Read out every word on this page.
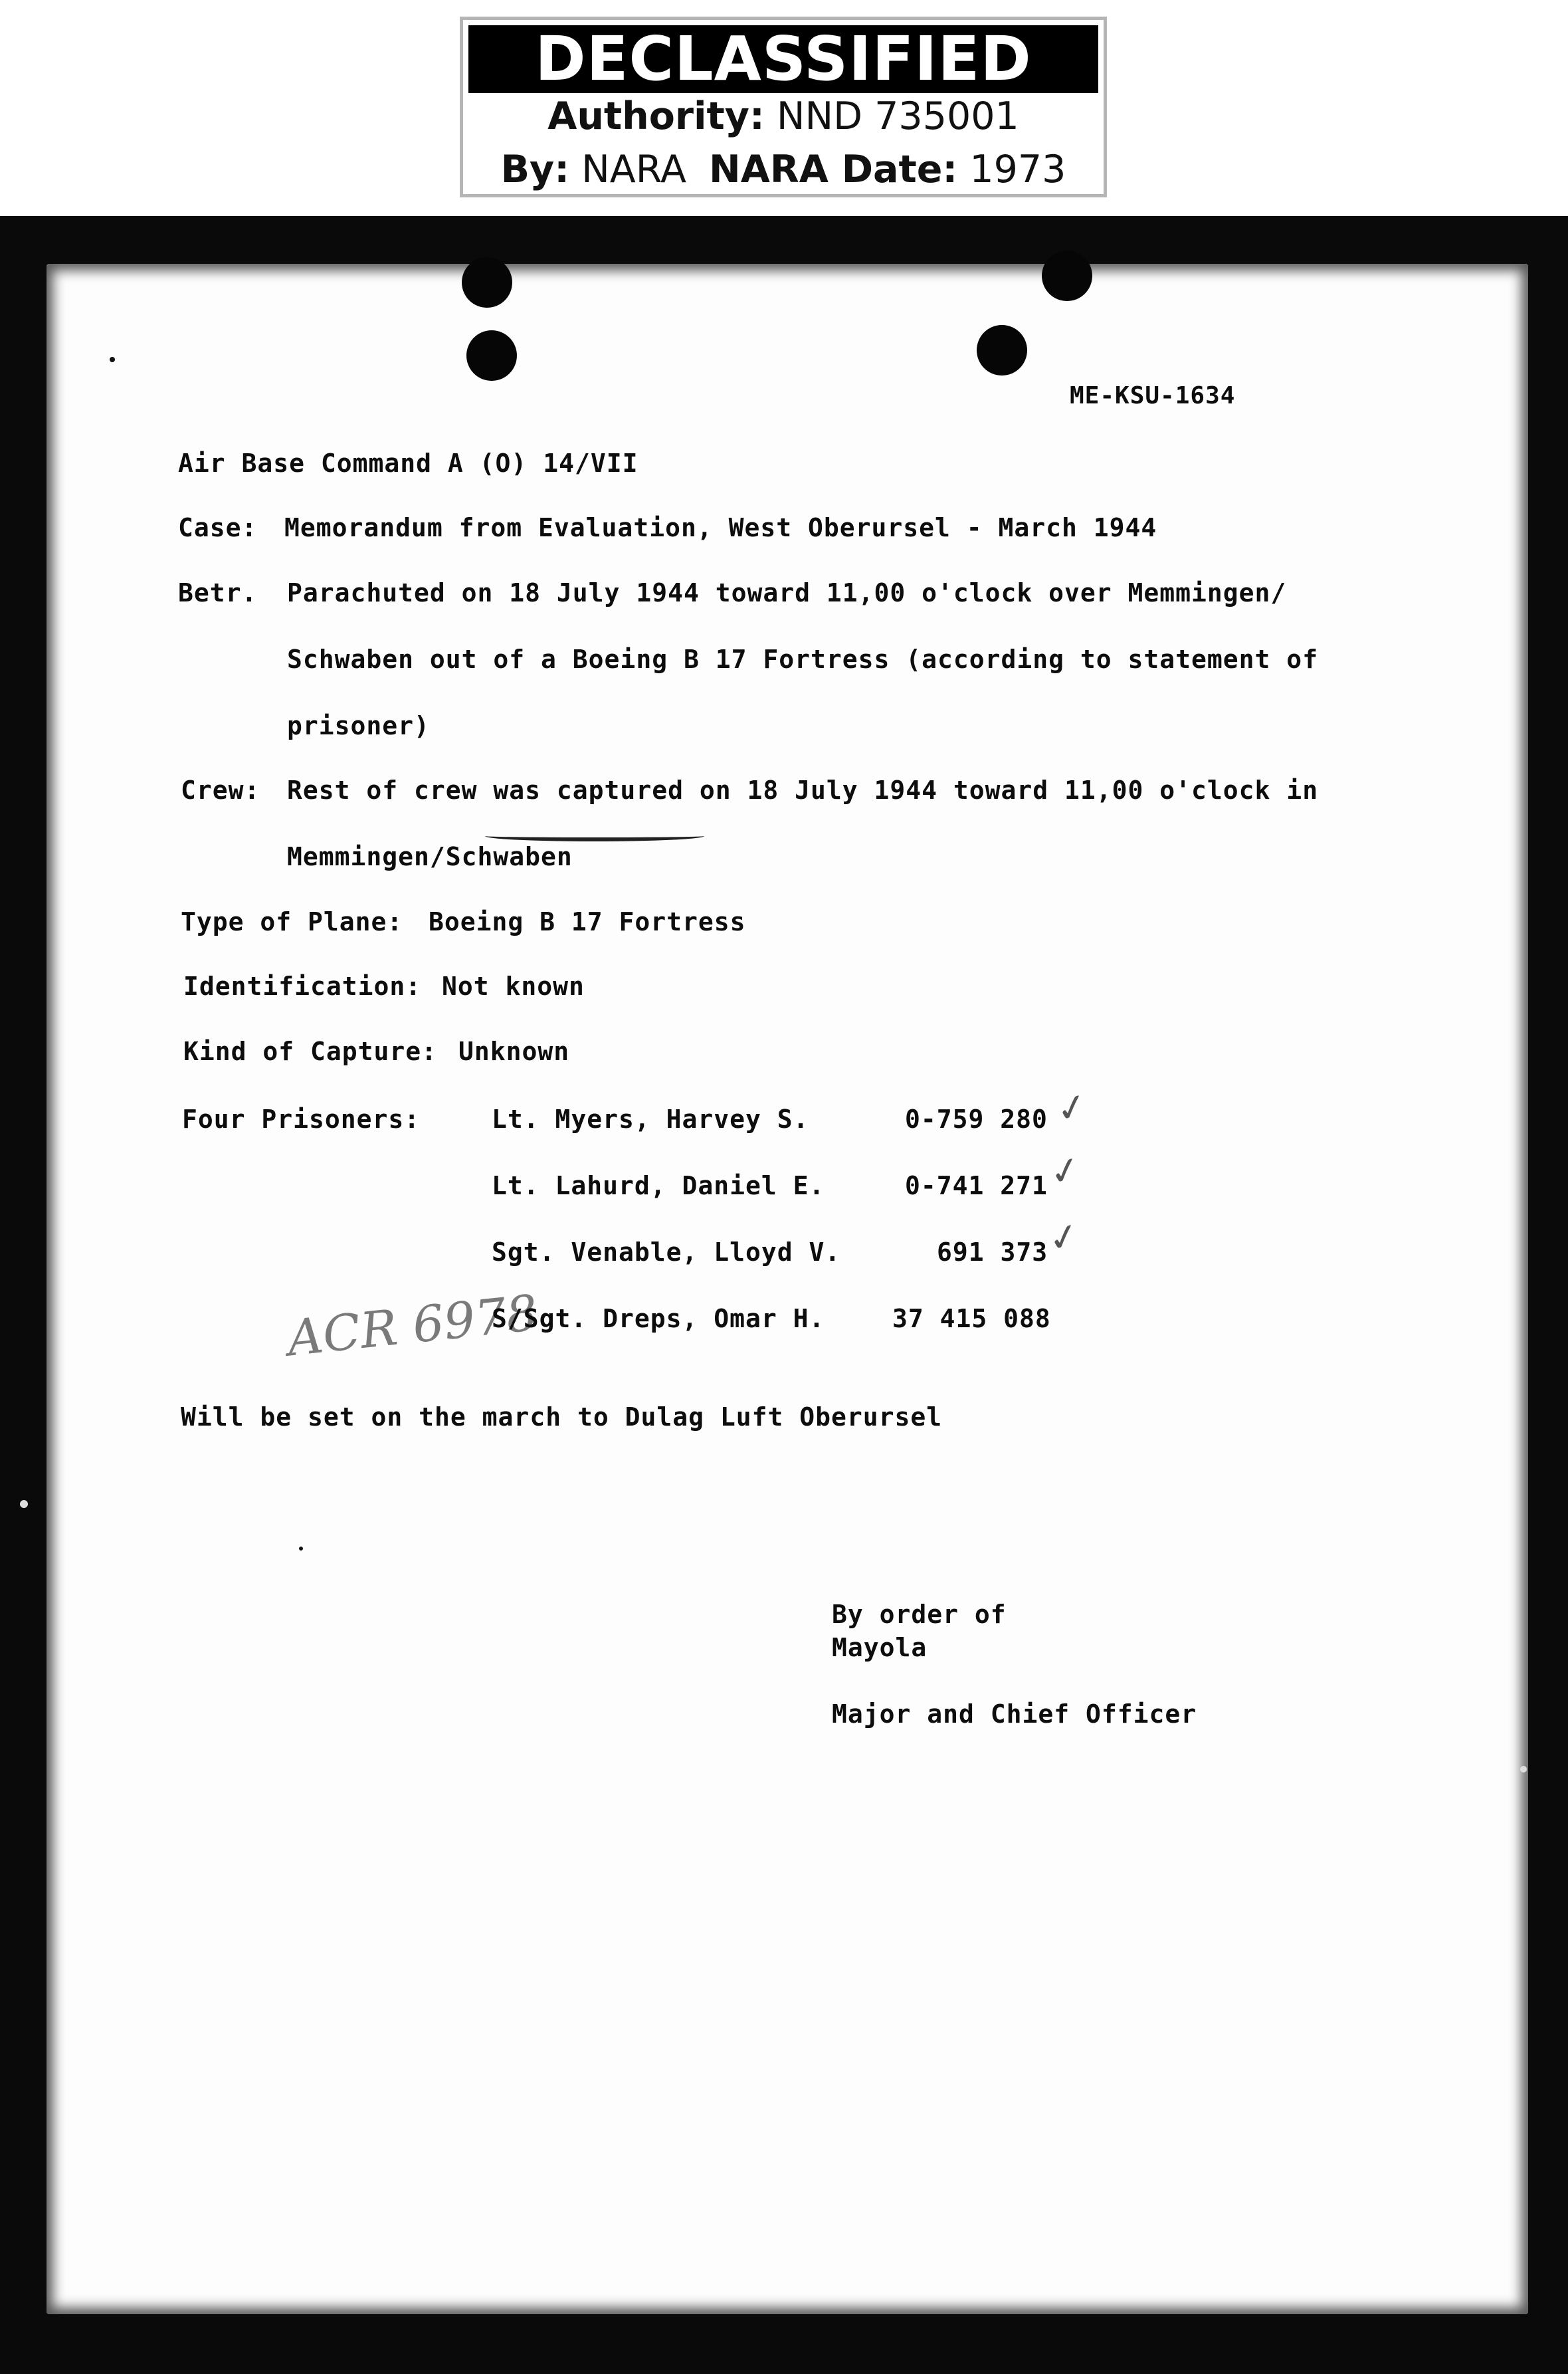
DECLASSIFIED
Authority: NND 735001
By: NARA NARA Date: 1973
ME-KSU-1634
Air Base Command A (O) 14/VII
Case: Memorandum from Evaluation, West Oberursel - March 1944
Betr. Parachuted on 18 July 1944 toward 11,00 o'clock over Memmingen/
Schwaben out of a Boeing B 17 Fortress (according to statement of
prisoner)
Crew: Rest of crew was captured on 18 July 1944 toward 11,00 o'clock in
Memmingen/Schwaben
Type of Plane: Boeing B 17 Fortress
Identification: Not known
Kind of Capture: Unknown
Four Prisoners:	Lt. Myers, Harvey S.	0-759 280 ✓
Lt. Lahurd, Daniel E.	0-741 271
✓
Sgt. Venable, Lloyd V.	691 373
✓
ACR 6978
S/Sgt. Dreps, Omar H.	37 415 088
Will be set on the march to Dulag Luft Oberursel
By order of
Mayola
Major and Chief Officer
